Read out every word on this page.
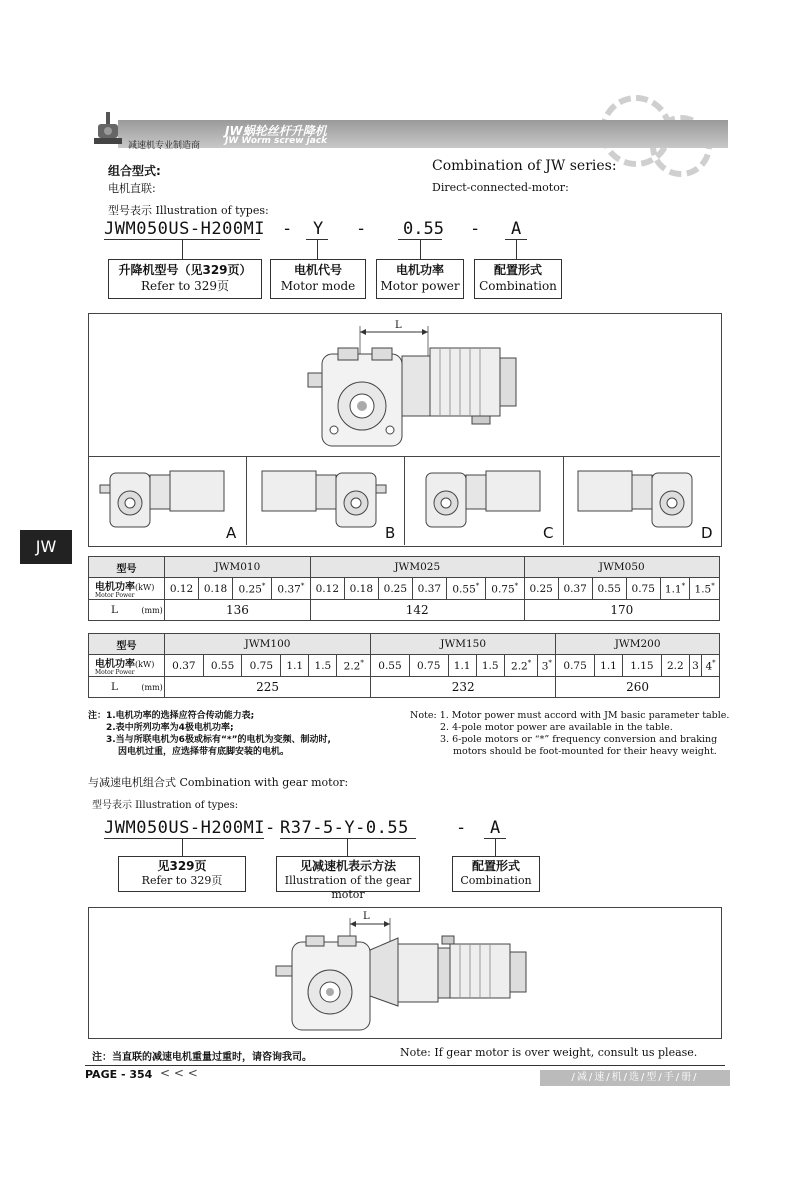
减速机专业制造商
JW蜗轮丝杆升降机
JW Worm screw jack
组合型式:
电机直联:
Combination of JW series:
Direct-connected-motor:
型号表示 Illustration of types:
JWM050US-H200MI - Y - 0.55 - A
升降机型号（见329页）
Refer to 329页
电机代号
Motor mode
电机功率
Motor power
配置形式
Combination
L
A	B	C	D
JW
型号	JWM010				JWM025						JWM050					
电机功率(kW)
Motor Power	0.12	0.18	0.25*	0.37*	0.12	0.18	0.25	0.37	0.55*	0.75*	0.25	0.37	0.55	0.75	1.1*	1.5*
L (mm)	136				142						170					
型号	JWM100						JWM150						JWM200					
电机功率(kW)
Motor Power	0.37	0.55	0.75	1.1	1.5	2.2*	0.55	0.75	1.1	1.5	2.2*	3*	0.75	1.1	1.15	2.2	3	4*
L (mm)	225						232						260					
注：1.电机功率的选择应符合传动能力表;
2.表中所列功率为4极电机功率;
3.当与所联电机为6极或标有“*”的电机为变频、制动时,
因电机过重，应选择带有底脚安装的电机。
Note: 1. Motor power must accord with JM basic parameter table.
2. 4-pole motor power are available in the table.
3. 6-pole motors or “*” frequency conversion and braking
motors should be foot-mounted for their heavy weight.
与减速电机组合式 Combination with gear motor:
型号表示 Illustration of types:
JWM050US-H200MI- R37-5-Y-0.55	- A
见329页
Refer to 329页
见减速机表示方法
Illustration of the gear motor
配置形式
Combination
L
注：当直联的减速电机重量过重时，请咨询我司。	Note: If gear motor is over weight, consult us please.
PAGE - 354 < < <	/减/速/机/选/型/手/册/
